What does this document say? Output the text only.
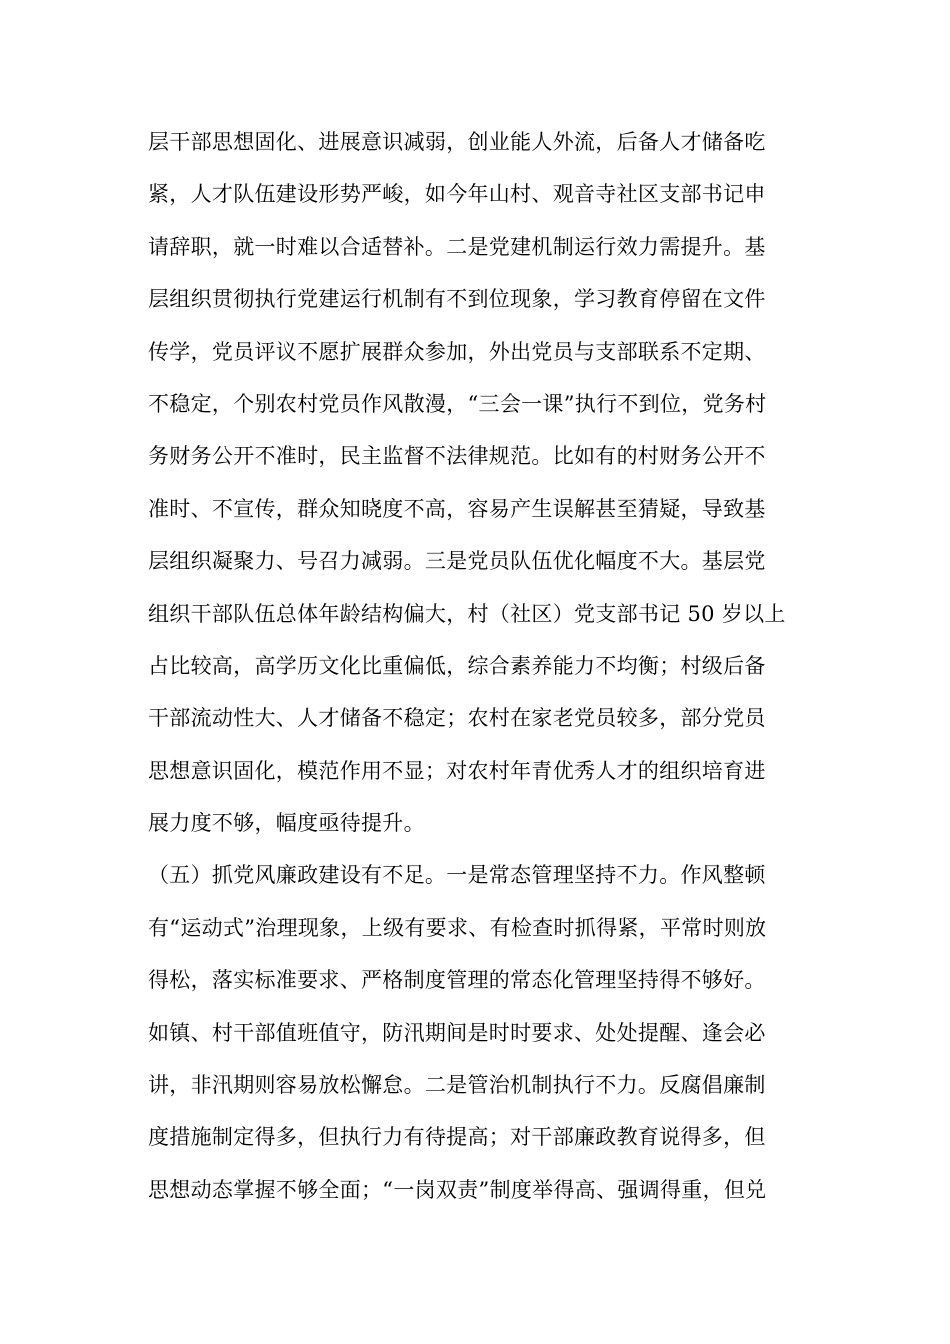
层干部思想固化、进展意识减弱，创业能人外流，后备人才储备吃
紧，人才队伍建设形势严峻，如今年山村、观音寺社区支部书记申
请辞职，就一时难以合适替补。二是党建机制运行效力需提升。基
层组织贯彻执行党建运行机制有不到位现象，学习教育停留在文件
传学，党员评议不愿扩展群众参加，外出党员与支部联系不定期、
不稳定，个别农村党员作风散漫，“三会一课”执行不到位，党务村
务财务公开不准时，民主监督不法律规范。比如有的村财务公开不
准时、不宣传，群众知晓度不高，容易产生误解甚至猜疑，导致基
层组织凝聚力、号召力减弱。三是党员队伍优化幅度不大。基层党
组织干部队伍总体年龄结构偏大，村（社区）党支部书记 50 岁以上
占比较高，高学历文化比重偏低，综合素养能力不均衡；村级后备
干部流动性大、人才储备不稳定；农村在家老党员较多，部分党员
思想意识固化，模范作用不显；对农村年青优秀人才的组织培育进
展力度不够，幅度亟待提升。
（五）抓党风廉政建设有不足。一是常态管理坚持不力。作风整顿
有“运动式”治理现象，上级有要求、有检查时抓得紧，平常时则放
得松，落实标准要求、严格制度管理的常态化管理坚持得不够好。
如镇、村干部值班值守，防汛期间是时时要求、处处提醒、逢会必
讲，非汛期则容易放松懈怠。二是管治机制执行不力。反腐倡廉制
度措施制定得多，但执行力有待提高；对干部廉政教育说得多，但
思想动态掌握不够全面；“一岗双责”制度举得高、强调得重，但兑
